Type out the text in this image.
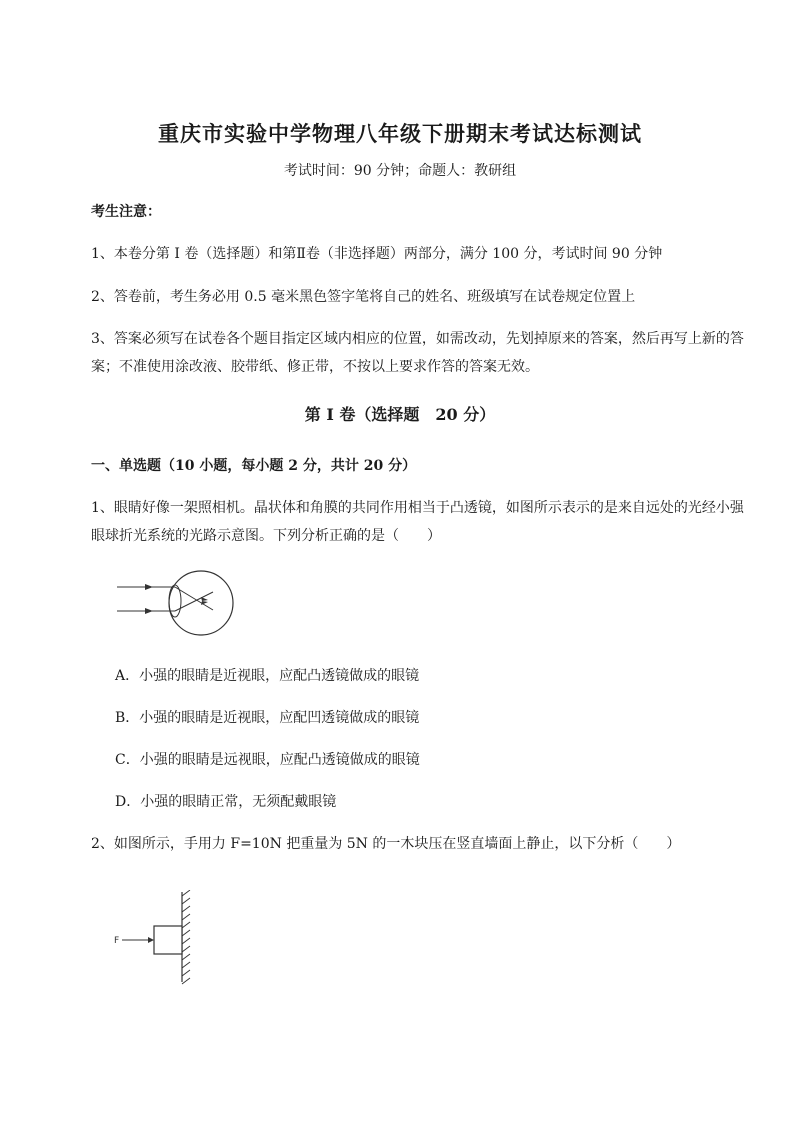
重庆市实验中学物理八年级下册期末考试达标测试
考试时间：90 分钟；命题人：教研组
考生注意：
1、本卷分第 I 卷（选择题）和第Ⅱ卷（非选择题）两部分，满分 100 分，考试时间 90 分钟
2、答卷前，考生务必用 0.5 毫米黑色签字笔将自己的姓名、班级填写在试卷规定位置上
3、答案必须写在试卷各个题目指定区域内相应的位置，如需改动，先划掉原来的答案，然后再写上新的答案；不准使用涂改液、胶带纸、修正带，不按以上要求作答的答案无效。
第 I 卷（选择题　20 分）
一、单选题（10 小题，每小题 2 分，共计 20 分）
1、眼睛好像一架照相机。晶状体和角膜的共同作用相当于凸透镜，如图所示表示的是来自远处的光经小强眼球折光系统的光路示意图。下列分析正确的是（　　）
A．小强的眼睛是近视眼，应配凸透镜做成的眼镜
B．小强的眼睛是近视眼，应配凹透镜做成的眼镜
C．小强的眼睛是远视眼，应配凸透镜做成的眼镜
D．小强的眼睛正常，无须配戴眼镜
2、如图所示，手用力 F=10N 把重量为 5N 的一木块压在竖直墙面上静止，以下分析（　　）
F
